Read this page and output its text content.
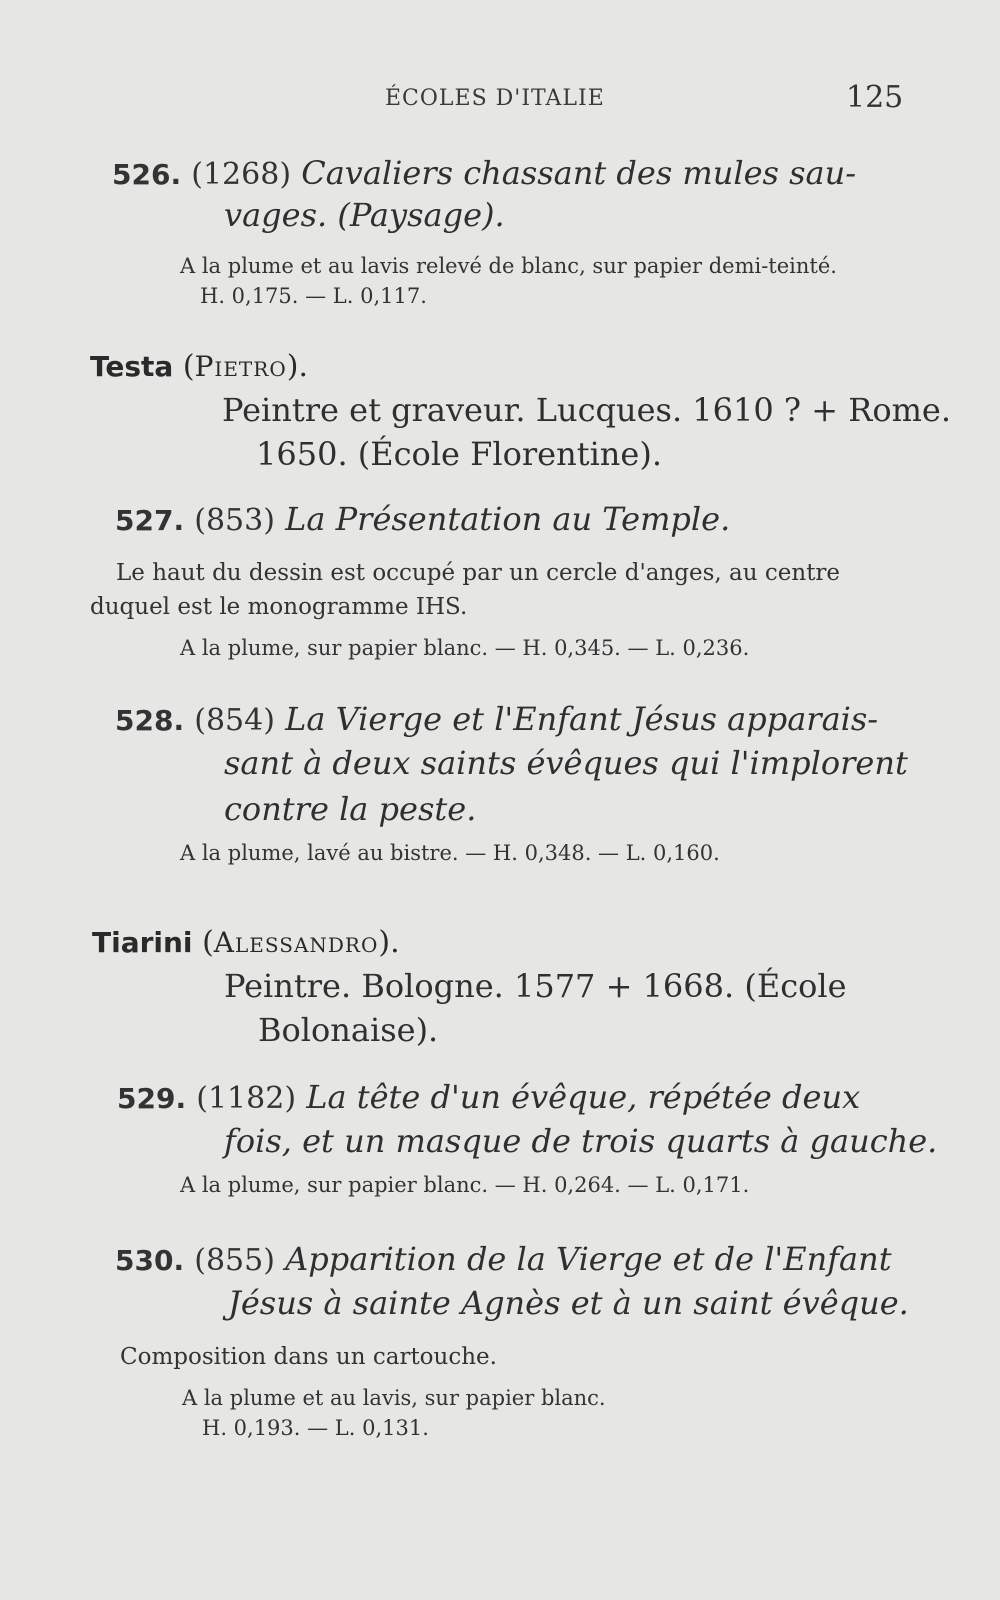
ÉCOLES D'ITALIE	125
526. (1268) Cavaliers chassant des mules sau-
vages. (Paysage).
A la plume et au lavis relevé de blanc, sur papier demi-teinté.
H. 0,175. — L. 0,117.
Testa (Pietro).
Peintre et graveur. Lucques. 1610 ? + Rome.
1650. (École Florentine).
527. (853) La Présentation au Temple.
Le haut du dessin est occupé par un cercle d'anges, au centre
duquel est le monogramme IHS.
A la plume, sur papier blanc. — H. 0,345. — L. 0,236.
528. (854) La Vierge et l'Enfant Jésus apparais-
sant à deux saints évêques qui l'implorent
contre la peste.
A la plume, lavé au bistre. — H. 0,348. — L. 0,160.
Tiarini (Alessandro).
Peintre. Bologne. 1577 + 1668. (École
Bolonaise).
529. (1182) La tête d'un évêque, répétée deux
fois, et un masque de trois quarts à gauche.
A la plume, sur papier blanc. — H. 0,264. — L. 0,171.
530. (855) Apparition de la Vierge et de l'Enfant
Jésus à sainte Agnès et à un saint évêque.
Composition dans un cartouche.
A la plume et au lavis, sur papier blanc.
H. 0,193. — L. 0,131.
